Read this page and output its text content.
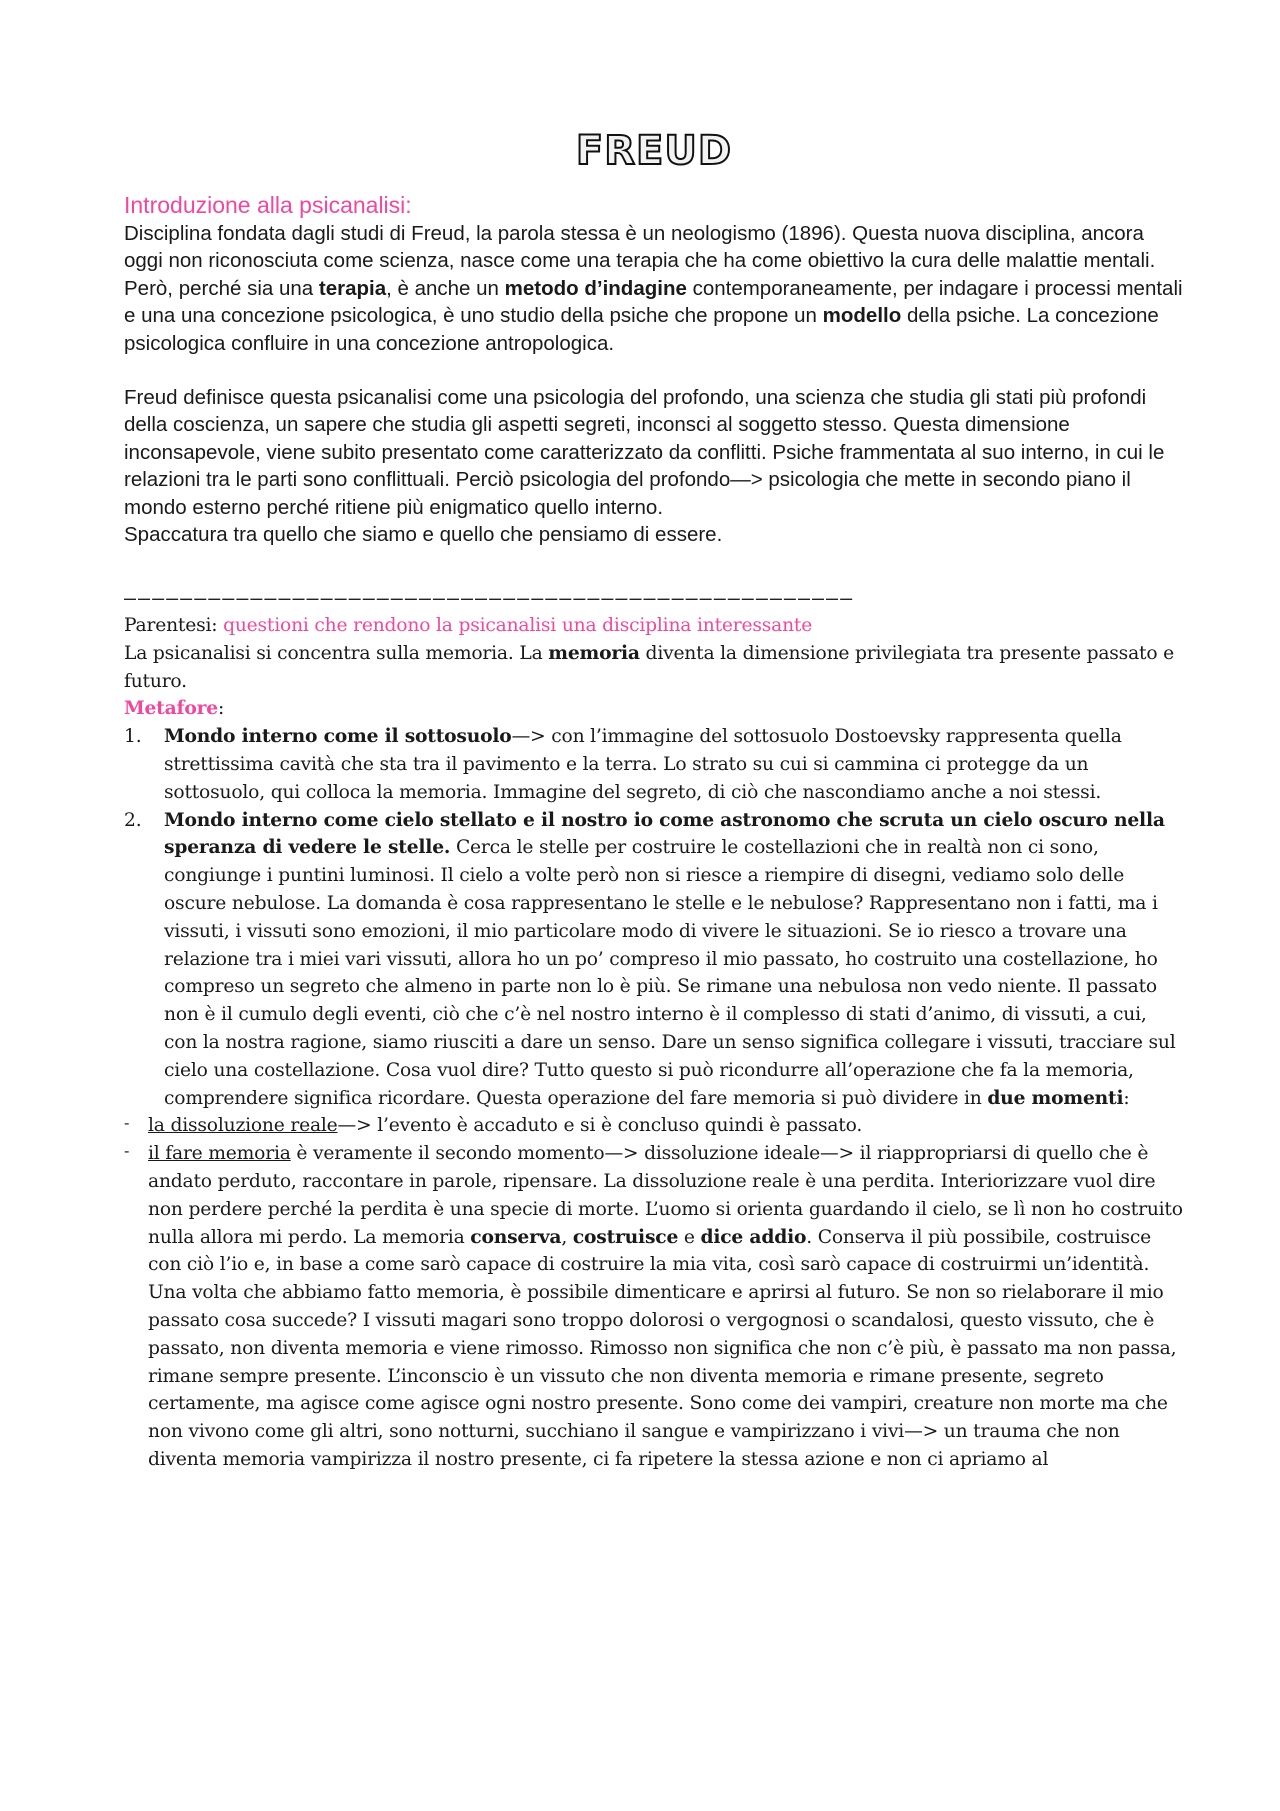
FREUD

Introduzione alla psicanalisi:

Disciplina fondata dagli studi di Freud, la parola stessa è un neologismo (1896). Questa nuova disciplina, ancora oggi non riconosciuta come scienza, nasce come una terapia che ha come obiettivo la cura delle malattie mentali. Però, perché sia una terapia, è anche un metodo d’indagine contemporaneamente, per indagare i processi mentali e una una concezione psicologica, è uno studio della psiche che propone un modello della psiche. La concezione psicologica confluire in una concezione antropologica.

Freud definisce questa psicanalisi come una psicologia del profondo, una scienza che studia gli stati più profondi della coscienza, un sapere che studia gli aspetti segreti, inconsci al soggetto stesso. Questa dimensione inconsapevole, viene subito presentato come caratterizzato da conflitti. Psiche frammentata al suo interno, in cui le relazioni tra le parti sono conflittuali. Perciò psicologia del profondo—> psicologia che mette in secondo piano il mondo esterno perché ritiene più enigmatico quello interno.

Spaccatura tra quello che siamo e quello che pensiamo di essere.

————————————————————————————————————————————————————

Parentesi: questioni che rendono la psicanalisi una disciplina interessante

La psicanalisi si concentra sulla memoria. La memoria diventa la dimensione privilegiata tra presente passato e futuro.

Metafore:

1. Mondo interno come il sottosuolo—> con l’immagine del sottosuolo Dostoevsky rappresenta quella strettissima cavità che sta tra il pavimento e la terra. Lo strato su cui si cammina ci protegge da un sottosuolo, qui colloca la memoria. Immagine del segreto, di ciò che nascondiamo anche a noi stessi.
2. Mondo interno come cielo stellato e il nostro io come astronomo che scruta un cielo oscuro nella speranza di vedere le stelle. Cerca le stelle per costruire le costellazioni che in realtà non ci sono, congiunge i puntini luminosi. Il cielo a volte però non si riesce a riempire di disegni, vediamo solo delle oscure nebulose. La domanda è cosa rappresentano le stelle e le nebulose? Rappresentano non i fatti, ma i vissuti, i vissuti sono emozioni, il mio particolare modo di vivere le situazioni. Se io riesco a trovare una relazione tra i miei vari vissuti, allora ho un po’ compreso il mio passato, ho costruito una costellazione, ho compreso un segreto che almeno in parte non lo è più. Se rimane una nebulosa non vedo niente. Il passato non è il cumulo degli eventi, ciò che c’è nel nostro interno è il complesso di stati d’animo, di vissuti, a cui, con la nostra ragione, siamo riusciti a dare un senso. Dare un senso significa collegare i vissuti, tracciare sul cielo una costellazione. Cosa vuol dire? Tutto questo si può ricondurre all’operazione che fa la memoria, comprendere significa ricordare. Questa operazione del fare memoria si può dividere in due momenti:
- la dissoluzione reale—> l’evento è accaduto e si è concluso quindi è passato.
- il fare memoria è veramente il secondo momento—> dissoluzione ideale—> il riappropriarsi di quello che è andato perduto, raccontare in parole, ripensare. La dissoluzione reale è una perdita. Interiorizzare vuol dire non perdere perché la perdita è una specie di morte. L’uomo si orienta guardando il cielo, se lì non ho costruito nulla allora mi perdo. La memoria conserva, costruisce e dice addio. Conserva il più possibile, costruisce con ciò l’io e, in base a come sarò capace di costruire la mia vita, così sarò capace di costruirmi un’identità. Una volta che abbiamo fatto memoria, è possibile dimenticare e aprirsi al futuro. Se non so rielaborare il mio passato cosa succede? I vissuti magari sono troppo dolorosi o vergognosi o scandalosi, questo vissuto, che è passato, non diventa memoria e viene rimosso. Rimosso non significa che non c’è più, è passato ma non passa, rimane sempre presente. L’inconscio è un vissuto che non diventa memoria e rimane presente, segreto certamente, ma agisce come agisce ogni nostro presente. Sono come dei vampiri, creature non morte ma che non vivono come gli altri, sono notturni, succhiano il sangue e vampirizzano i vivi—> un trauma che non diventa memoria vampirizza il nostro presente, ci fa ripetere la stessa azione e non ci apriamo al
